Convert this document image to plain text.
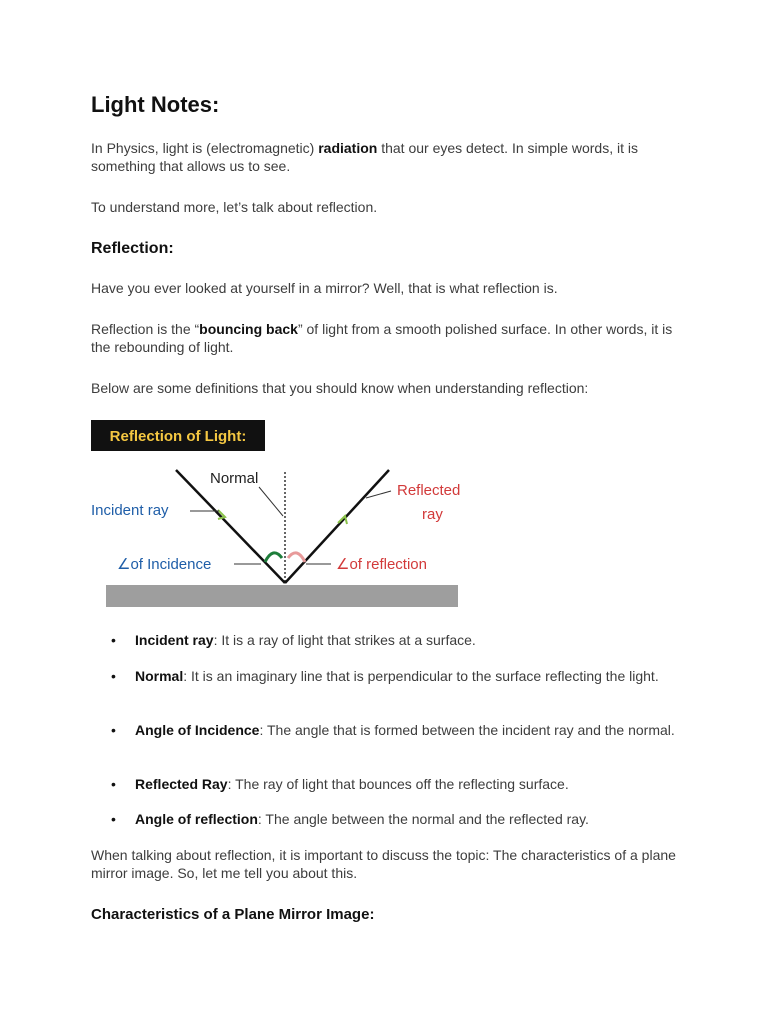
Light Notes:

In Physics, light is (electromagnetic) radiation that our eyes detect. In simple words, it is something that allows us to see.

To understand more, let’s talk about reflection.

Reflection:

Have you ever looked at yourself in a mirror? Well, that is what reflection is.

Reflection is the “bouncing back” of light from a smooth polished surface. In other words, it is the rebounding of light.

Below are some definitions that you should know when understanding reflection:

Reflection of Light:
Normal
Incident ray
Reflected
ray
∠of Incidence	∠of reflection
• Incident ray: It is a ray of light that strikes at a surface.
• Normal: It is an imaginary line that is perpendicular to the surface reflecting the light.
• Angle of Incidence: The angle that is formed between the incident ray and the normal.
• Reflected Ray: The ray of light that bounces off the reflecting surface.
• Angle of reflection: The angle between the normal and the reflected ray.

When talking about reflection, it is important to discuss the topic: The characteristics of a plane mirror image. So, let me tell you about this.

Characteristics of a Plane Mirror Image:
